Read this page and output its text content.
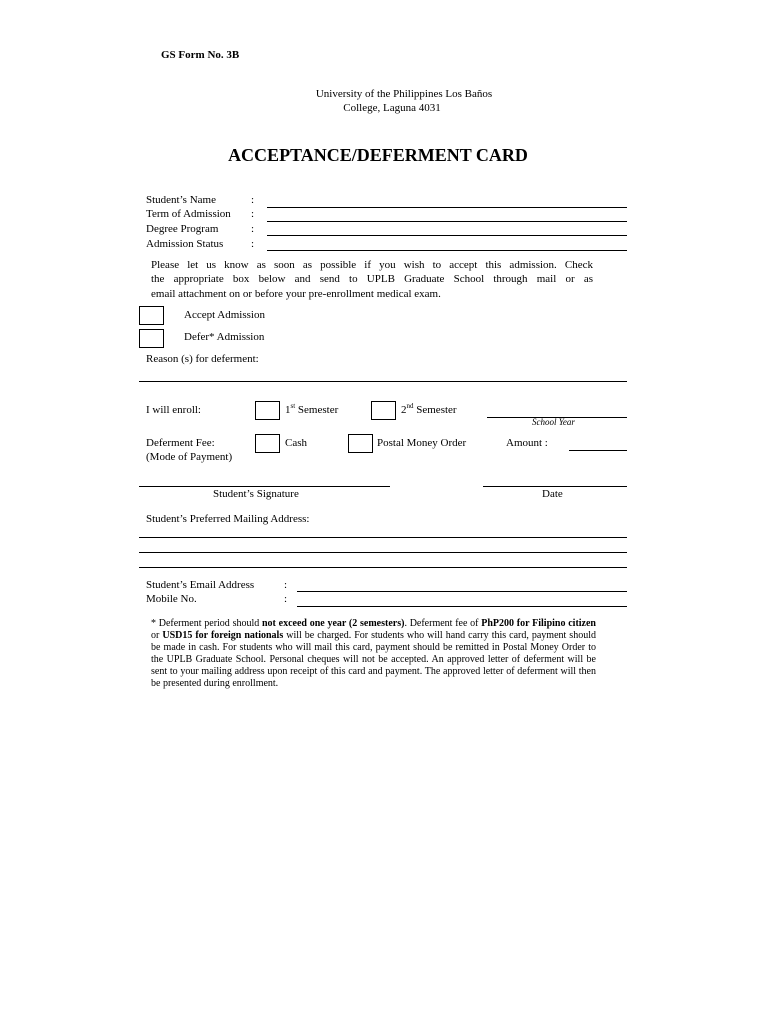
GS Form No. 3B
University of the Philippines Los Baños
College, Laguna 4031
ACCEPTANCE/DEFERMENT CARD
Student’s Name	:
Term of Admission :
Degree Program	:
Admission Status	:
Please let us know as soon as possible if you wish to accept this admission. Check
the appropriate box below and send to UPLB Graduate School through mail or as
email attachment on or before your pre-enrollment medical exam.
Accept Admission
Defer* Admission
Reason (s) for deferment:
I will enroll:	1st Semester	2nd Semester
School Year
Deferment Fee:
(Mode of Payment)
Cash	Postal Money Order	Amount :
Student’s Signature	Date
Student’s Preferred Mailing Address:
Student’s Email Address	:
Mobile No.	:
* Deferment period should not exceed one year (2 semesters). Deferment fee of PhP200 for Filipino citizen or USD15 for foreign nationals will be charged. For students who will hand carry this card, payment should be made in cash. For students who will mail this card, payment should be remitted in Postal Money Order to the UPLB Graduate School. Personal cheques will not be accepted. An approved letter of deferment will be sent to your mailing address upon receipt of this card and payment. The approved letter of deferment will then be presented during enrollment.
